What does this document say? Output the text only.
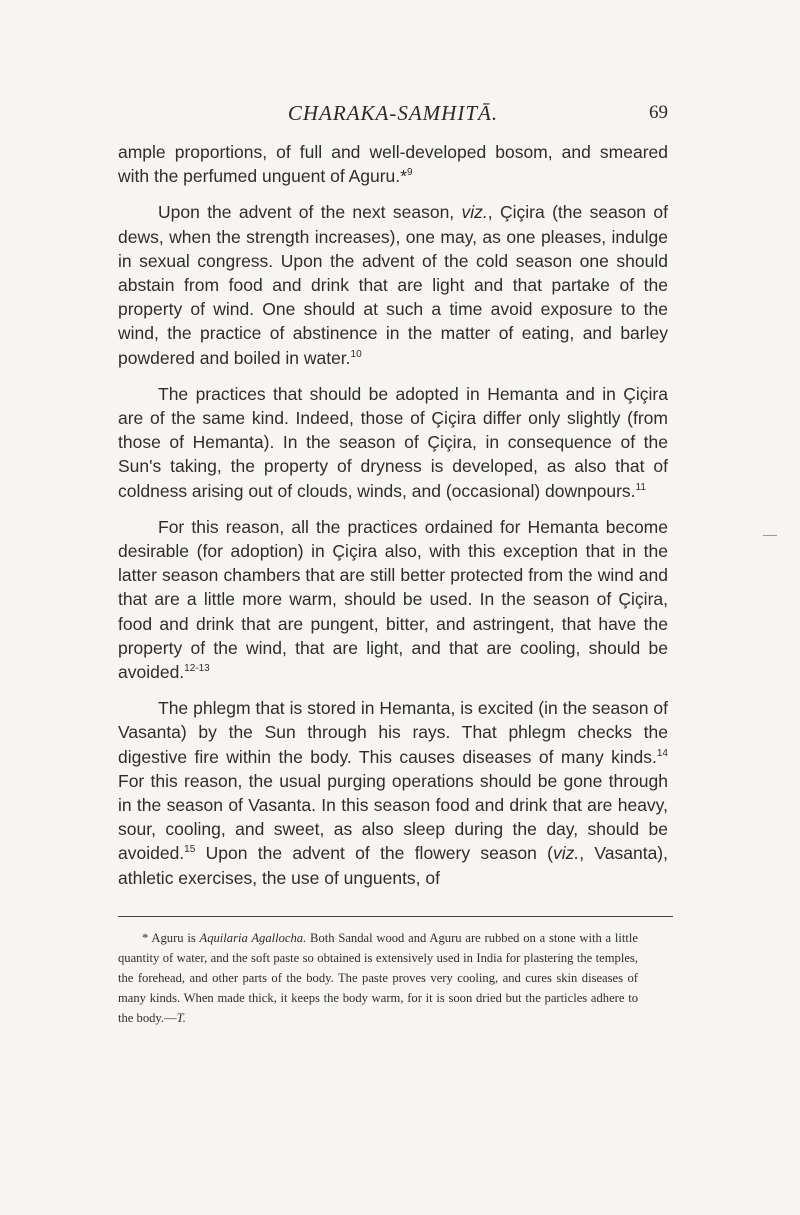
CHARAKA-SAMHITĀ.	69

ample proportions, of full and well-developed bosom, and smeared with the perfumed unguent of Aguru.*$^9$

Upon the advent of the next season, viz., Çiçira (the season of dews, when the strength increases), one may, as one pleases, indulge in sexual congress. Upon the advent of the cold season one should abstain from food and drink that are light and that partake of the property of wind. One should at such a time avoid exposure to the wind, the practice of abstinence in the matter of eating, and barley powdered and boiled in water.$^{10}$

The practices that should be adopted in Hemanta and in Çiçira are of the same kind. Indeed, those of Çiçira differ only slightly (from those of Hemanta). In the season of Çiçira, in consequence of the Sun's taking, the property of dryness is developed, as also that of coldness arising out of clouds, winds, and (occasional) downpours.$^{11}$

For this reason, all the practices ordained for Hemanta become desirable (for adoption) in Çiçira also, with this exception that in the latter season chambers that are still better protected from the wind and that are a little more warm, should be used. In the season of Çiçira, food and drink that are pungent, bitter, and astringent, that have the property of the wind, that are light, and that are cooling, should be avoided.$^{12-13}$

The phlegm that is stored in Hemanta, is excited (in the season of Vasanta) by the Sun through his rays. That phlegm checks the digestive fire within the body. This causes diseases of many kinds.$^{14}$ For this reason, the usual purging operations should be gone through in the season of Vasanta. In this season food and drink that are heavy, sour, cooling, and sweet, as also sleep during the day, should be avoided.$^{15}$ Upon the advent of the flowery season (viz., Vasanta), athletic exercises, the use of unguents, of

* Aguru is Aquilaria Agallocha. Both Sandal wood and Aguru are rubbed on a stone with a little quantity of water, and the soft paste so obtained is extensively used in India for plastering the temples, the forehead, and other parts of the body. The paste proves very cooling, and cures skin diseases of many kinds. When made thick, it keeps the body warm, for it is soon dried but the particles adhere to the body.—T.
